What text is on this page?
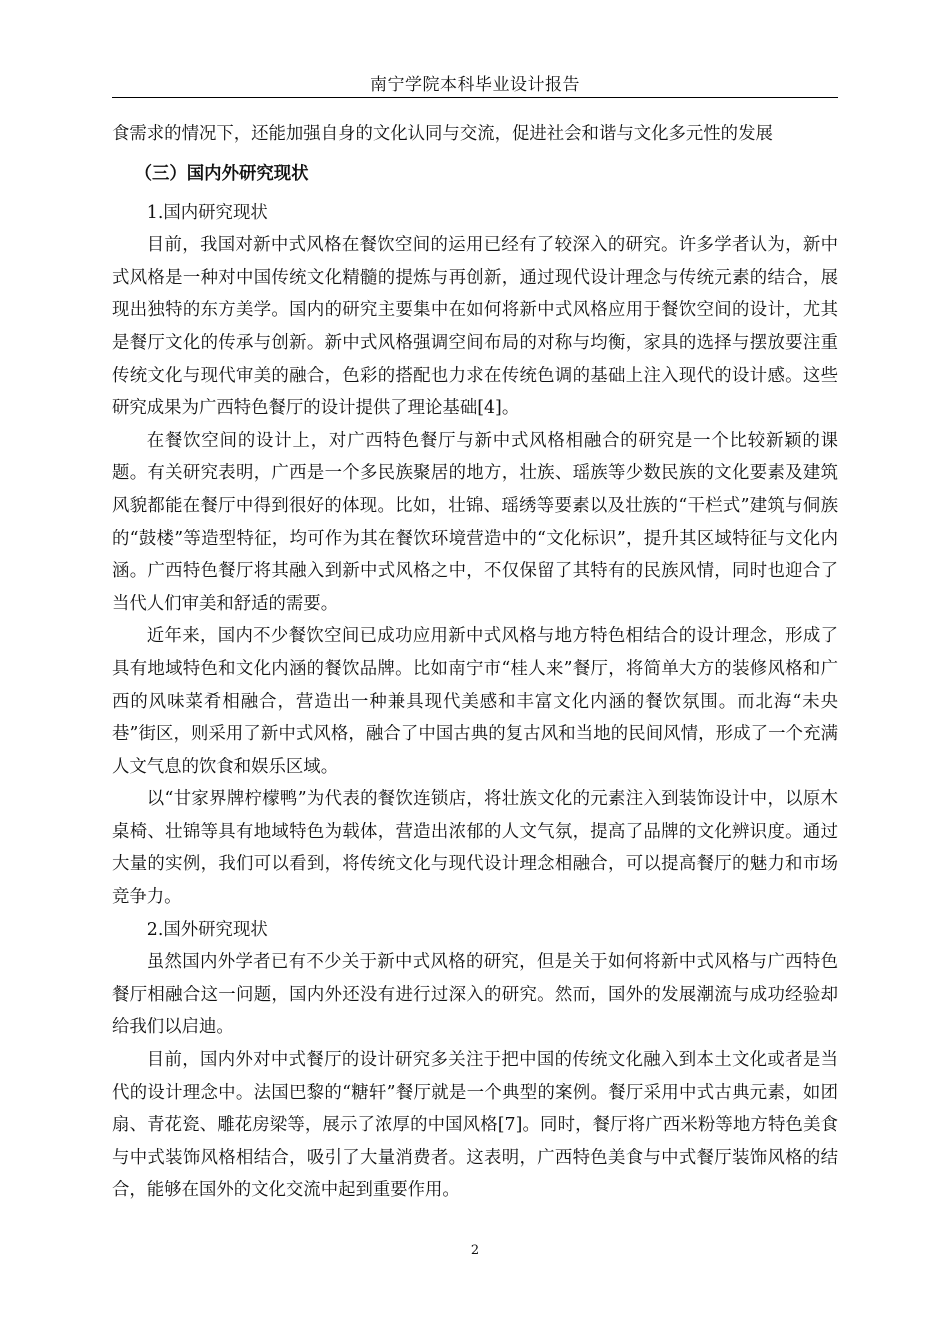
南宁学院本科毕业设计报告

食需求的情况下，还能加强自身的文化认同与交流，促进社会和谐与文化多元性的发展

（三）国内外研究现状

1.国内研究现状

目前，我国对新中式风格在餐饮空间的运用已经有了较深入的研究。许多学者认为，新中式风格是一种对中国传统文化精髓的提炼与再创新，通过现代设计理念与传统元素的结合，展现出独特的东方美学。国内的研究主要集中在如何将新中式风格应用于餐饮空间的设计，尤其是餐厅文化的传承与创新。新中式风格强调空间布局的对称与均衡，家具的选择与摆放要注重传统文化与现代审美的融合，色彩的搭配也力求在传统色调的基础上注入现代的设计感。这些研究成果为广西特色餐厅的设计提供了理论基础[4]。

在餐饮空间的设计上，对广西特色餐厅与新中式风格相融合的研究是一个比较新颖的课题。有关研究表明，广西是一个多民族聚居的地方，壮族、瑶族等少数民族的文化要素及建筑风貌都能在餐厅中得到很好的体现。比如，壮锦、瑶绣等要素以及壮族的“干栏式”建筑与侗族的“鼓楼”等造型特征，均可作为其在餐饮环境营造中的“文化标识”，提升其区域特征与文化内涵。广西特色餐厅将其融入到新中式风格之中，不仅保留了其特有的民族风情，同时也迎合了当代人们审美和舒适的需要。

近年来，国内不少餐饮空间已成功应用新中式风格与地方特色相结合的设计理念，形成了具有地域特色和文化内涵的餐饮品牌。比如南宁市“桂人来”餐厅，将简单大方的装修风格和广西的风味菜肴相融合，营造出一种兼具现代美感和丰富文化内涵的餐饮氛围。而北海“未央巷”街区，则采用了新中式风格，融合了中国古典的复古风和当地的民间风情，形成了一个充满人文气息的饮食和娱乐区域。

以“甘家界牌柠檬鸭”为代表的餐饮连锁店，将壮族文化的元素注入到装饰设计中，以原木桌椅、壮锦等具有地域特色为载体，营造出浓郁的人文气氛，提高了品牌的文化辨识度。通过大量的实例，我们可以看到，将传统文化与现代设计理念相融合，可以提高餐厅的魅力和市场竞争力。

2.国外研究现状

虽然国内外学者已有不少关于新中式风格的研究，但是关于如何将新中式风格与广西特色餐厅相融合这一问题，国内外还没有进行过深入的研究。然而，国外的发展潮流与成功经验却给我们以启迪。

目前，国内外对中式餐厅的设计研究多关注于把中国的传统文化融入到本土文化或者是当代的设计理念中。法国巴黎的“糖轩”餐厅就是一个典型的案例。餐厅采用中式古典元素，如团扇、青花瓷、雕花房梁等，展示了浓厚的中国风格[7]。同时，餐厅将广西米粉等地方特色美食与中式装饰风格相结合，吸引了大量消费者。这表明，广西特色美食与中式餐厅装饰风格的结合，能够在国外的文化交流中起到重要作用。

2
